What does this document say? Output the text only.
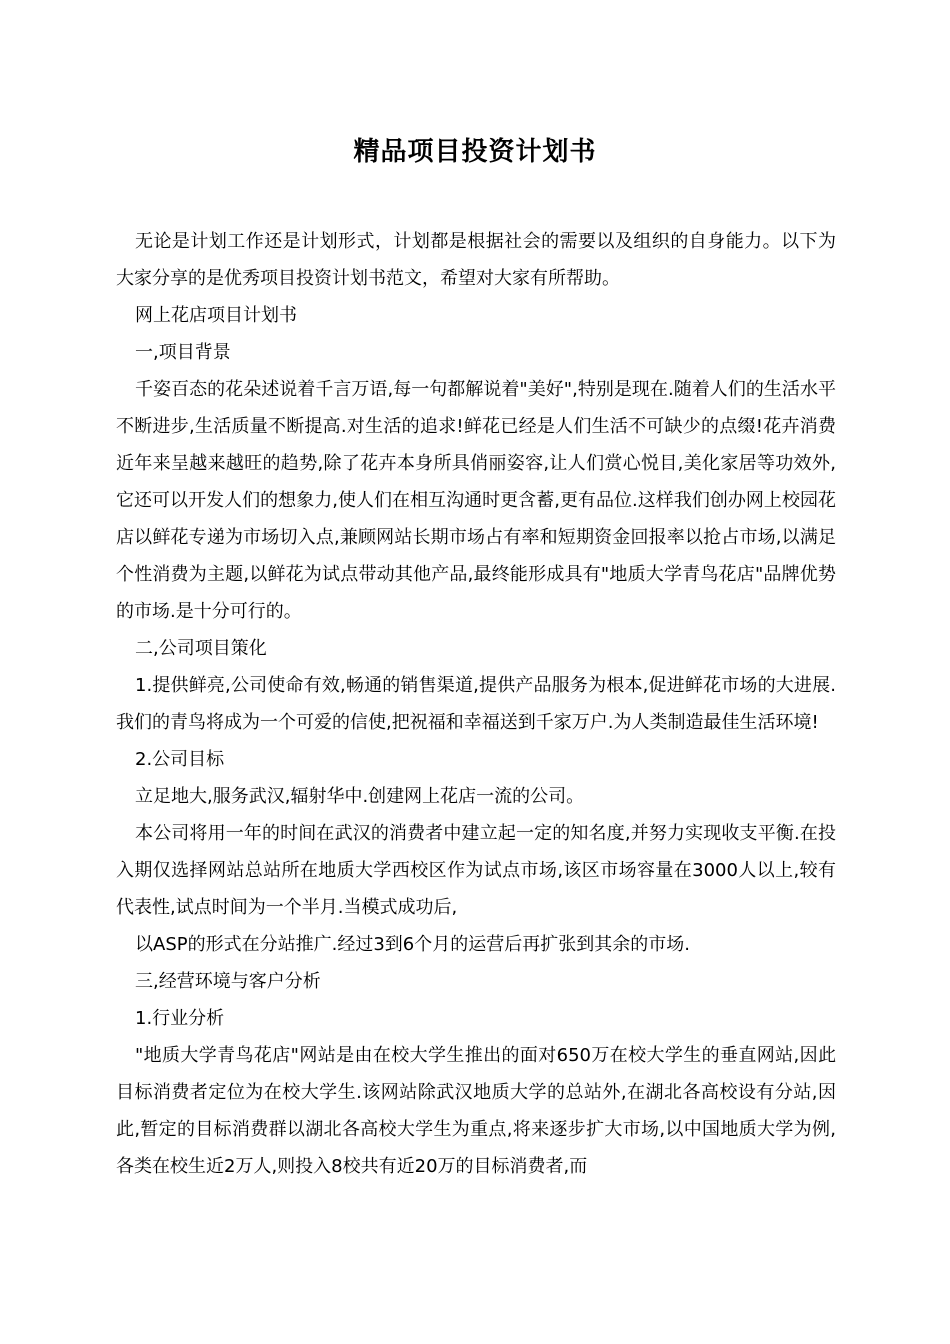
精品项目投资计划书

无论是计划工作还是计划形式，计划都是根据社会的需要以及组织的自身能力。以下为大家分享的是优秀项目投资计划书范文，希望对大家有所帮助。

网上花店项目计划书

一,项目背景

千姿百态的花朵述说着千言万语,每一句都解说着"美好",特别是现在.随着人们的生活水平不断进步,生活质量不断提高.对生活的追求!鲜花已经是人们生活不可缺少的点缀!花卉消费近年来呈越来越旺的趋势,除了花卉本身所具俏丽姿容,让人们赏心悦目,美化家居等功效外,它还可以开发人们的想象力,使人们在相互沟通时更含蓄,更有品位.这样我们创办网上校园花店以鲜花专递为市场切入点,兼顾网站长期市场占有率和短期资金回报率以抢占市场,以满足个性消费为主题,以鲜花为试点带动其他产品,最终能形成具有"地质大学青鸟花店"品牌优势的市场.是十分可行的。

二,公司项目策化

1.提供鲜亮,公司使命有效,畅通的销售渠道,提供产品服务为根本,促进鲜花市场的大进展.我们的青鸟将成为一个可爱的信使,把祝福和幸福送到千家万户.为人类制造最佳生活环境!

2.公司目标

立足地大,服务武汉,辐射华中.创建网上花店一流的公司。

本公司将用一年的时间在武汉的消费者中建立起一定的知名度,并努力实现收支平衡.在投入期仅选择网站总站所在地质大学西校区作为试点市场,该区市场容量在3000人以上,较有代表性,试点时间为一个半月.当模式成功后,

以ASP的形式在分站推广.经过3到6个月的运营后再扩张到其余的市场.

三,经营环境与客户分析

1.行业分析

"地质大学青鸟花店"网站是由在校大学生推出的面对650万在校大学生的垂直网站,因此目标消费者定位为在校大学生.该网站除武汉地质大学的总站外,在湖北各高校设有分站,因此,暂定的目标消费群以湖北各高校大学生为重点,将来逐步扩大市场,以中国地质大学为例,各类在校生近2万人,则投入8校共有近20万的目标消费者,而
